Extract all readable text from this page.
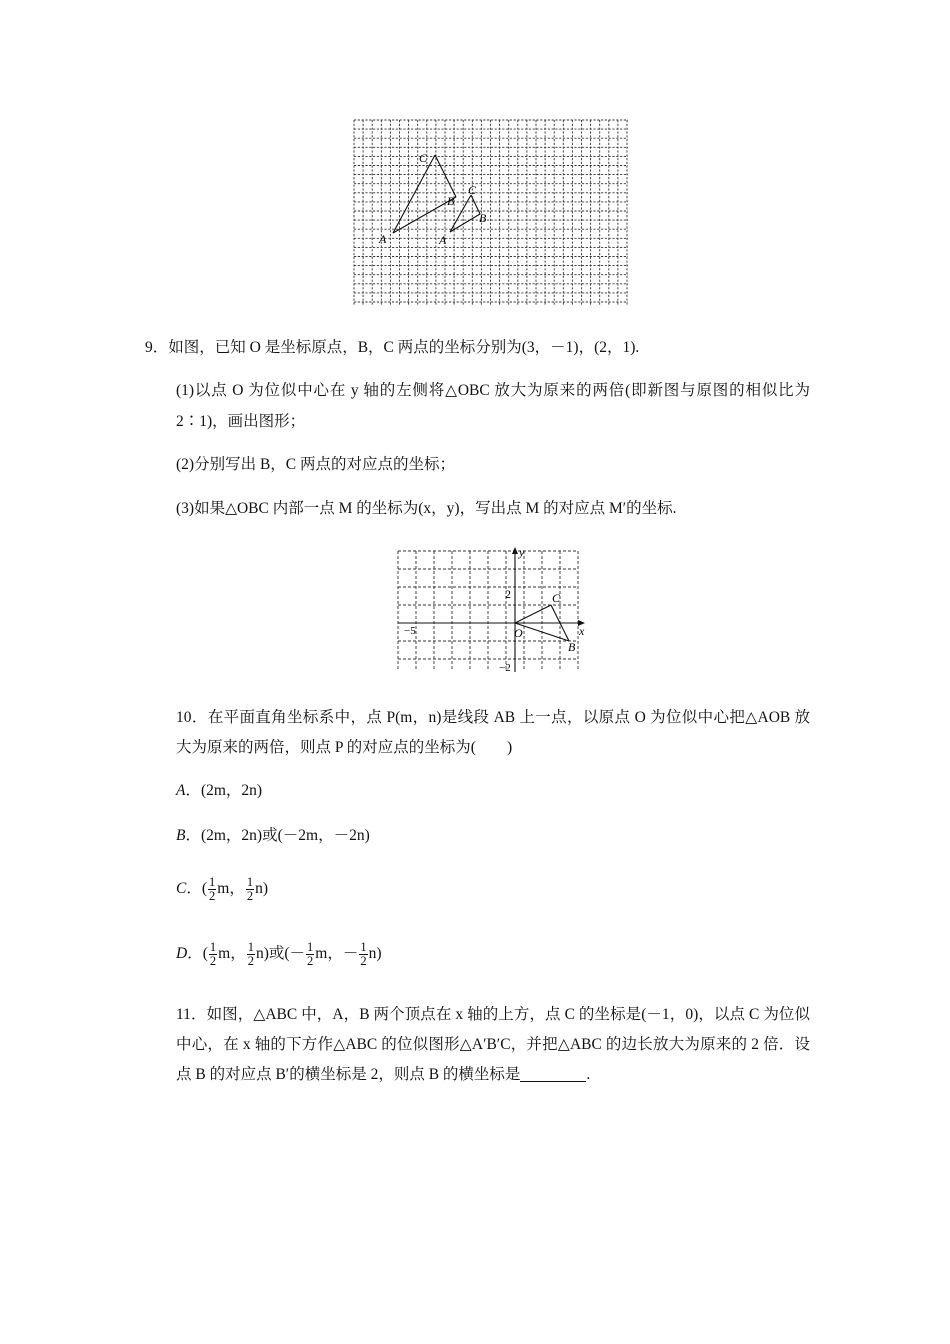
A
C
B
A
C
B
9．如图，已知 O 是坐标原点，B，C 两点的坐标分别为(3，－1)，(2，1).
(1)以点 O 为位似中心在 y 轴的左侧将△OBC 放大为原来的两倍(即新图与原图的相似比为 2∶1)，画出图形；
(2)分别写出 B，C 两点的对应点的坐标；
(3)如果△OBC 内部一点 M 的坐标为(x，y)，写出点 M 的对应点 M′的坐标.
y
x
2
−2
−5	O
C
B
10．在平面直角坐标系中，点 P(m，n)是线段 AB 上一点，以原点 O 为位似中心把△AOB 放大为原来的两倍，则点 P 的对应点的坐标为(　　)
A．(2m，2n)
B．(2m，2n)或(－2m，－2n)
C．( $\frac{1}{2}$ m， $\frac{1}{2} n$)
D．( $\frac{1}{2}$ m， $\frac{1}{2} n$)或(－ $\frac{1}{2}$ m，－ $\frac{1}{2} n$)
11．如图，△ABC 中，A，B 两个顶点在 x 轴的上方，点 C 的坐标是(－1，0)，以点 C 为位似中心，在 x 轴的下方作△ABC 的位似图形△A′B′C，并把△ABC 的边长放大为原来的 2 倍．设点 B 的对应点 B′的横坐标是 2，则点 B 的横坐标是	.
